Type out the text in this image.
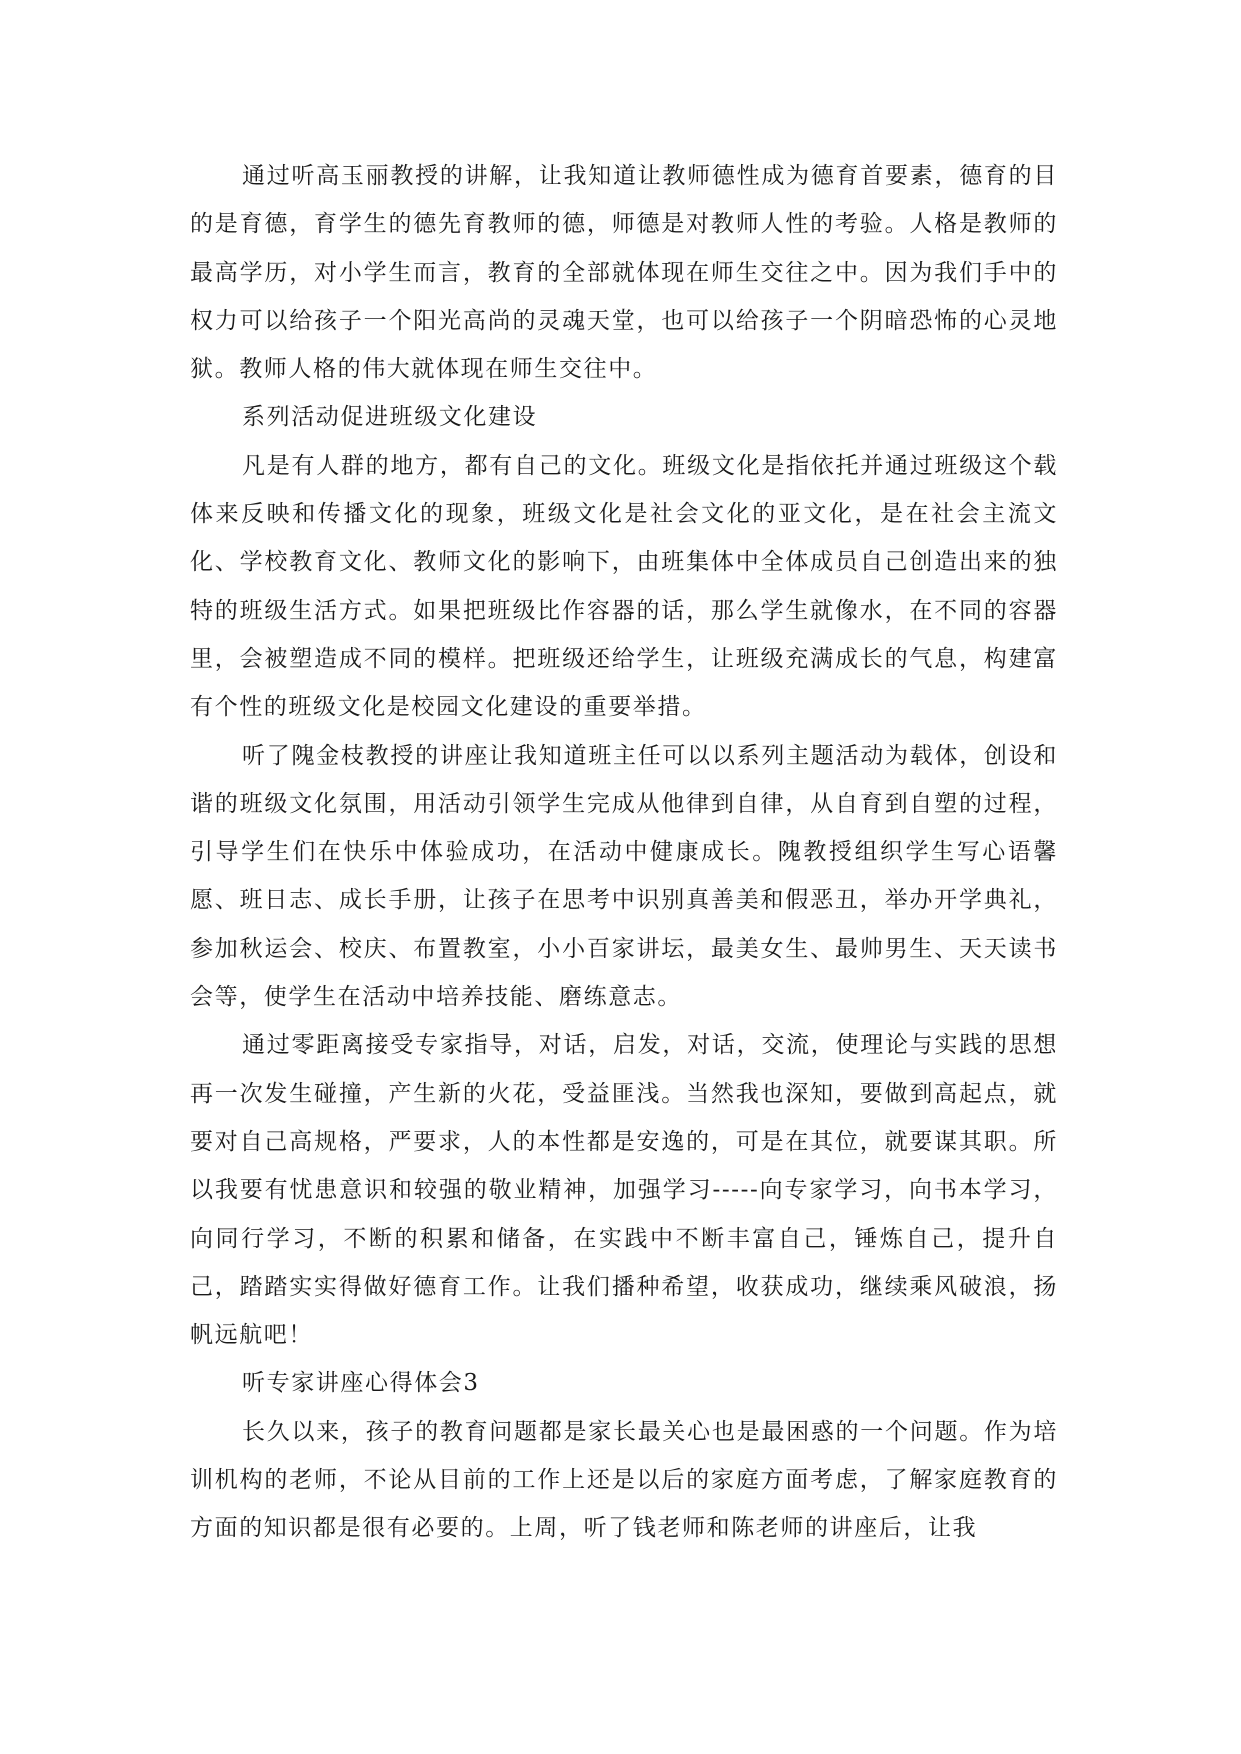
通过听高玉丽教授的讲解，让我知道让教师德性成为德育首要素，德育的目的是育德，育学生的德先育教师的德，师德是对教师人性的考验。人格是教师的最高学历，对小学生而言，教育的全部就体现在师生交往之中。因为我们手中的权力可以给孩子一个阳光高尚的灵魂天堂，也可以给孩子一个阴暗恐怖的心灵地狱。教师人格的伟大就体现在师生交往中。

系列活动促进班级文化建设

凡是有人群的地方，都有自己的文化。班级文化是指依托并通过班级这个载体来反映和传播文化的现象，班级文化是社会文化的亚文化，是在社会主流文化、学校教育文化、教师文化的影响下，由班集体中全体成员自己创造出来的独特的班级生活方式。如果把班级比作容器的话，那么学生就像水，在不同的容器里，会被塑造成不同的模样。把班级还给学生，让班级充满成长的气息，构建富有个性的班级文化是校园文化建设的重要举措。

听了隗金枝教授的讲座让我知道班主任可以以系列主题活动为载体，创设和谐的班级文化氛围，用活动引领学生完成从他律到自律，从自育到自塑的过程，引导学生们在快乐中体验成功，在活动中健康成长。隗教授组织学生写心语馨愿、班日志、成长手册，让孩子在思考中识别真善美和假恶丑，举办开学典礼，参加秋运会、校庆、布置教室，小小百家讲坛，最美女生、最帅男生、天天读书会等，使学生在活动中培养技能、磨练意志。

通过零距离接受专家指导，对话，启发，对话，交流，使理论与实践的思想再一次发生碰撞，产生新的火花，受益匪浅。当然我也深知，要做到高起点，就要对自己高规格，严要求，人的本性都是安逸的，可是在其位，就要谋其职。所以我要有忧患意识和较强的敬业精神，加强学习-----向专家学习，向书本学习，向同行学习，不断的积累和储备，在实践中不断丰富自己，锤炼自己，提升自己，踏踏实实得做好德育工作。让我们播种希望，收获成功，继续乘风破浪，扬帆远航吧！

听专家讲座心得体会3

长久以来，孩子的教育问题都是家长最关心也是最困惑的一个问题。作为培训机构的老师，不论从目前的工作上还是以后的家庭方面考虑，了解家庭教育的方面的知识都是很有必要的。上周，听了钱老师和陈老师的讲座后，让我
